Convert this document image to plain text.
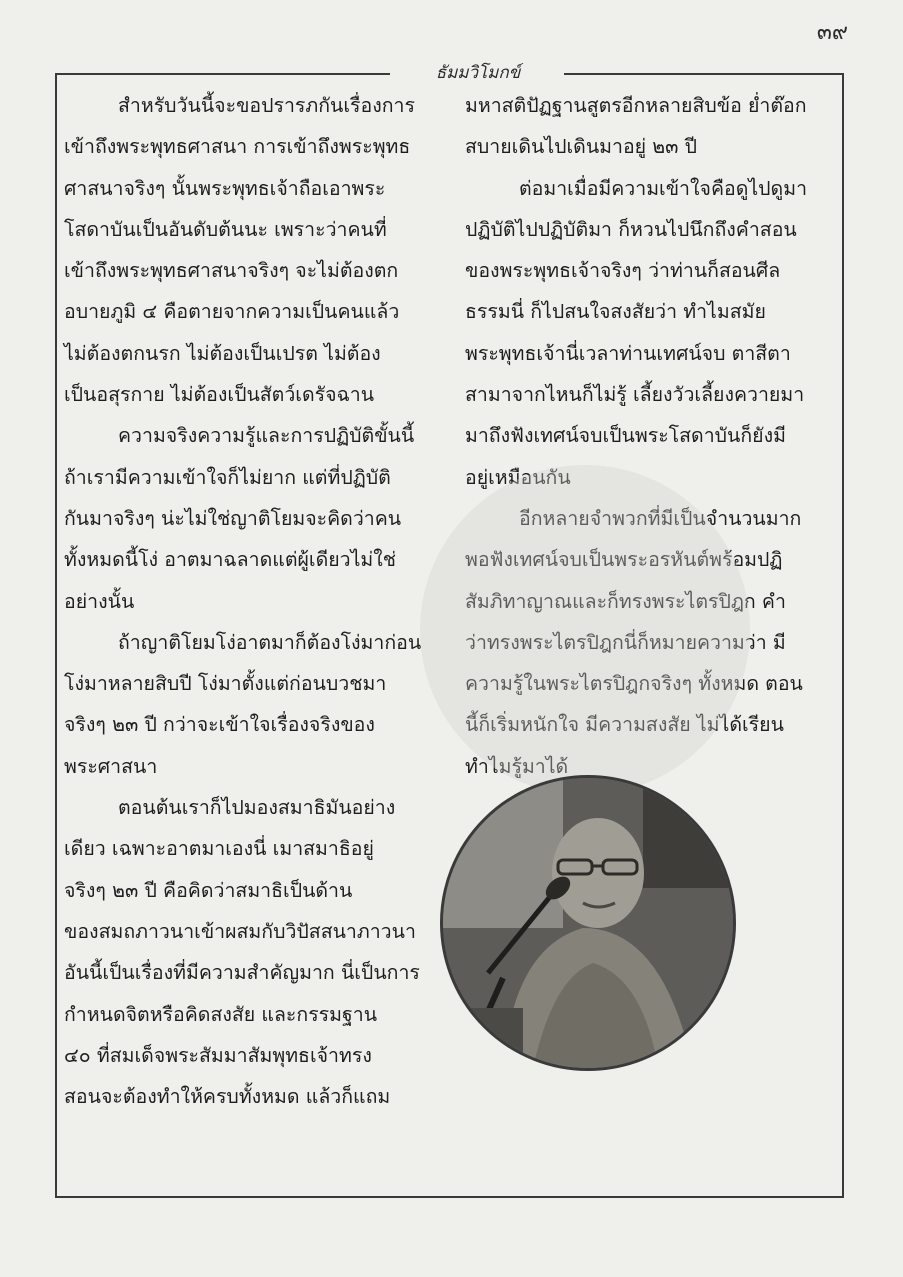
๓๙
ธัมมวิโมกข์
สำหรับวันนี้จะขอปรารภกันเรื่องการ
เข้าถึงพระพุทธศาสนา การเข้าถึงพระพุทธ
ศาสนาจริงๆ นั้นพระพุทธเจ้าถือเอาพระ
โสดาบันเป็นอันดับต้นนะ เพราะว่าคนที่
เข้าถึงพระพุทธศาสนาจริงๆ จะไม่ต้องตก
อบายภูมิ ๔ คือตายจากความเป็นคนแล้ว
ไม่ต้องตกนรก ไม่ต้องเป็นเปรต ไม่ต้อง
เป็นอสุรกาย ไม่ต้องเป็นสัตว์เดรัจฉาน
ความจริงความรู้และการปฏิบัติขั้นนี้
ถ้าเรามีความเข้าใจก็ไม่ยาก แต่ที่ปฏิบัติ
กันมาจริงๆ น่ะไม่ใช่ญาติโยมจะคิดว่าคน
ทั้งหมดนี้โง่ อาตมาฉลาดแต่ผู้เดียวไม่ใช่
อย่างนั้น
ถ้าญาติโยมโง่อาตมาก็ต้องโง่มาก่อน
โง่มาหลายสิบปี โง่มาตั้งแต่ก่อนบวชมา
จริงๆ ๒๓ ปี กว่าจะเข้าใจเรื่องจริงของ
พระศาสนา
ตอนต้นเราก็ไปมองสมาธิมันอย่าง
เดียว เฉพาะอาตมาเองนี่ เมาสมาธิอยู่
จริงๆ ๒๓ ปี คือคิดว่าสมาธิเป็นด้าน
ของสมถภาวนาเข้าผสมกับวิปัสสนาภาวนา
อันนี้เป็นเรื่องที่มีความสำคัญมาก นี่เป็นการ
กำหนดจิตหรือคิดสงสัย และกรรมฐาน
๔๐ ที่สมเด็จพระสัมมาสัมพุทธเจ้าทรง
สอนจะต้องทำให้ครบทั้งหมด แล้วก็แถม
มหาสติปัฏฐานสูตรอีกหลายสิบข้อ ย่ำต๊อก
สบายเดินไปเดินมาอยู่ ๒๓ ปี
ต่อมาเมื่อมีความเข้าใจคือดูไปดูมา
ปฏิบัติไปปฏิบัติมา ก็หวนไปนึกถึงคำสอน
ของพระพุทธเจ้าจริงๆ ว่าท่านก็สอนศีล
ธรรมนี่ ก็ไปสนใจสงสัยว่า ทำไมสมัย
พระพุทธเจ้านี่เวลาท่านเทศน์จบ ตาสีตา
สามาจากไหนก็ไม่รู้ เลี้ยงวัวเลี้ยงควายมา
มาถึงฟังเทศน์จบเป็นพระโสดาบันก็ยังมี
อยู่เหมือนกัน
อีกหลายจำพวกที่มีเป็นจำนวนมาก
พอฟังเทศน์จบเป็นพระอรหันต์พร้อมปฏิ
สัมภิทาญาณและก็ทรงพระไตรปิฎก คำ
ว่าทรงพระไตรปิฎกนี่ก็หมายความว่า มี
ความรู้ในพระไตรปิฎกจริงๆ ทั้งหมด ตอน
นี้ก็เริ่มหนักใจ มีความสงสัย ไม่ได้เรียน
ทำไมรู้มาได้
